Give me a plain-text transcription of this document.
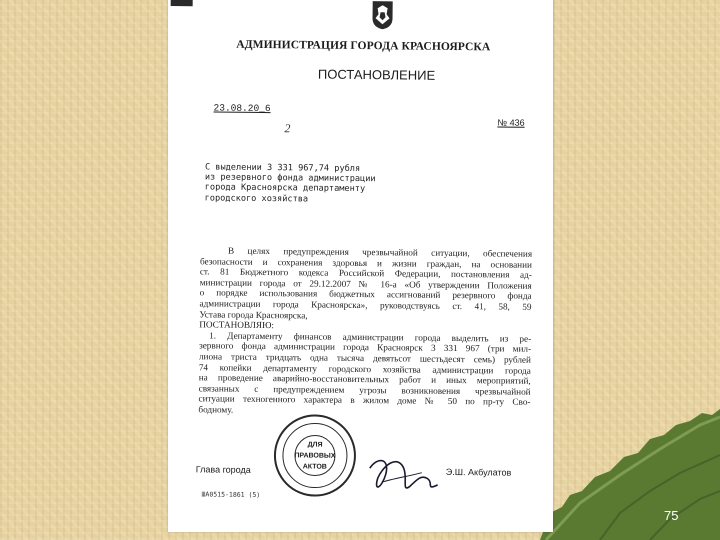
75
АДМИНИСТРАЦИЯ ГОРОДА КРАСНОЯРСКА
ПОСТАНОВЛЕНИЕ
23.08.20_6
2	№ 436
С выделении 3 331 967,74 рубля
из резервного фонда администрации
города Красноярска департаменту
городского хозяйства
В целях предупреждения чрезвычайной ситуации, обеспечения
безопасности и сохранения здоровья и жизни граждан, на основании
ст. 81 Бюджетного кодекса Российской Федерации, постановления ад-
министрации города от 29.12.2007 № 16-а «Об утверждении Положения
о порядке использования бюджетных ассигнований резервного фонда
администрации города Красноярска», руководствуясь ст. 41, 58, 59
Устава города Красноярска,
ПОСТАНОВЛЯЮ:
1. Департаменту финансов администрации города выделить из ре-
зервного фонда администрации города Красноярск 3 331 967 (три мил-
лиона триста тридцать одна тысяча девятьсот шестьдесят семь) рублей
74 копейки департаменту городского хозяйства администрации города
на проведение аварийно-восстановительных работ и иных мероприятий,
связанных с предупреждением угрозы возникновения чрезвычайной
ситуации техногенного характера в жилом доме № 50 по пр-ту Сво-
бодному.
ДЛЯ
ПРАВОВЫХ
АКТОВ
Глава города	Э.Ш. Акбулатов
ША0515-1861 (5)
